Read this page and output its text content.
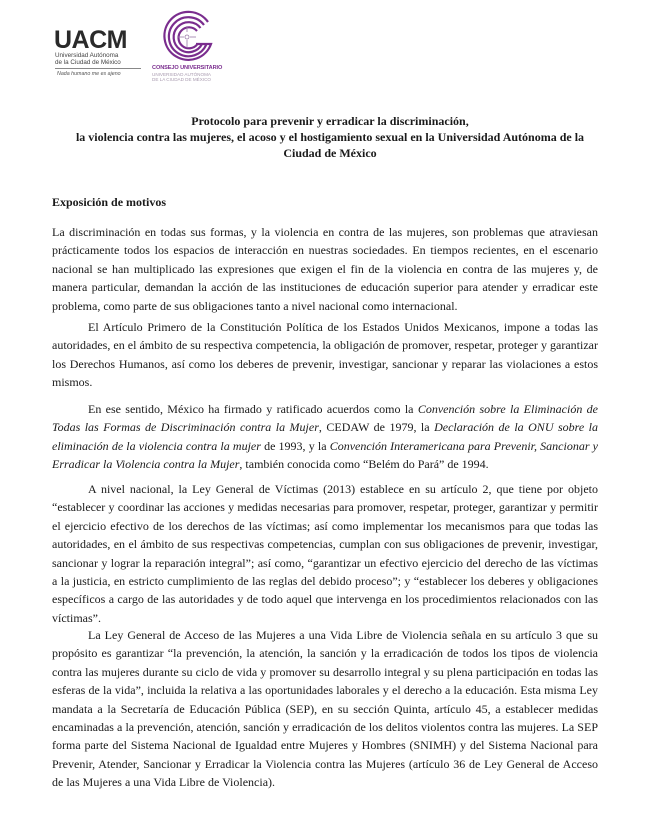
UACM
Universidad Autónoma
de la Ciudad de México
Nada humano me es ajeno
CONSEJO UNIVERSITARIO
UNIVERSIDAD AUTÓNOMA
DE LA CIUDAD DE MÉXICO
Protocolo para prevenir y erradicar la discriminación,
la violencia contra las mujeres, el acoso y el hostigamiento sexual en la Universidad Autónoma de la
Ciudad de México
Exposición de motivos

La discriminación en todas sus formas, y la violencia en contra de las mujeres, son problemas que atraviesan prácticamente todos los espacios de interacción en nuestras sociedades. En tiempos recientes, en el escenario nacional se han multiplicado las expresiones que exigen el fin de la violencia en contra de las mujeres y, de manera particular, demandan la acción de las instituciones de educación superior para atender y erradicar este problema, como parte de sus obligaciones tanto a nivel nacional como internacional.

El Artículo Primero de la Constitución Política de los Estados Unidos Mexicanos, impone a todas las autoridades, en el ámbito de su respectiva competencia, la obligación de promover, respetar, proteger y garantizar los Derechos Humanos, así como los deberes de prevenir, investigar, sancionar y reparar las violaciones a estos mismos.

En ese sentido, México ha firmado y ratificado acuerdos como la Convención sobre la Eliminación de Todas las Formas de Discriminación contra la Mujer, CEDAW de 1979, la Declaración de la ONU sobre la eliminación de la violencia contra la mujer de 1993, y la Convención Interamericana para Prevenir, Sancionar y Erradicar la Violencia contra la Mujer, también conocida como “Belém do Pará” de 1994.

A nivel nacional, la Ley General de Víctimas (2013) establece en su artículo 2, que tiene por objeto “establecer y coordinar las acciones y medidas necesarias para promover, respetar, proteger, garantizar y permitir el ejercicio efectivo de los derechos de las víctimas; así como implementar los mecanismos para que todas las autoridades, en el ámbito de sus respectivas competencias, cumplan con sus obligaciones de prevenir, investigar, sancionar y lograr la reparación integral”; así como, “garantizar un efectivo ejercicio del derecho de las víctimas a la justicia, en estricto cumplimiento de las reglas del debido proceso”; y “establecer los deberes y obligaciones específicos a cargo de las autoridades y de todo aquel que intervenga en los procedimientos relacionados con las víctimas”.

La Ley General de Acceso de las Mujeres a una Vida Libre de Violencia señala en su artículo 3 que su propósito es garantizar “la prevención, la atención, la sanción y la erradicación de todos los tipos de violencia contra las mujeres durante su ciclo de vida y promover su desarrollo integral y su plena participación en todas las esferas de la vida”, incluida la relativa a las oportunidades laborales y el derecho a la educación. Esta misma Ley mandata a la Secretaría de Educación Pública (SEP), en su sección Quinta, artículo 45, a establecer medidas encaminadas a la prevención, atención, sanción y erradicación de los delitos violentos contra las mujeres. La SEP forma parte del Sistema Nacional de Igualdad entre Mujeres y Hombres (SNIMH) y del Sistema Nacional para Prevenir, Atender, Sancionar y Erradicar la Violencia contra las Mujeres (artículo 36 de Ley General de Acceso de las Mujeres a una Vida Libre de Violencia).
